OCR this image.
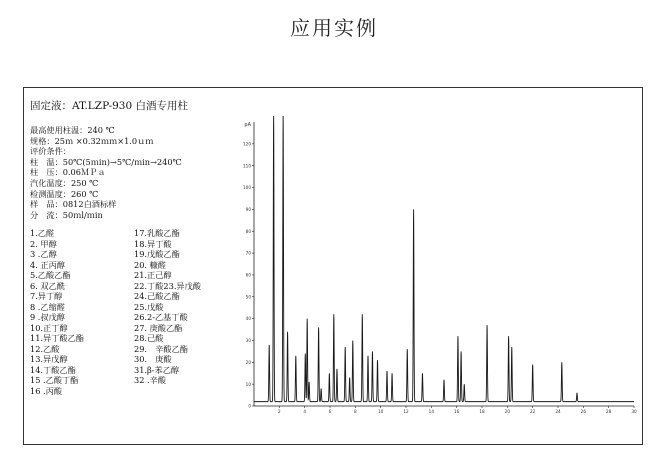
应用实例
固定液：AT.LZP-930 白酒专用柱
最高使用柱温：240 ℃
规格：25ｍ ×0.32ｍｍ×1.0ｕｍ
评价条件：
柱　温：50℃(5ｍin)→5℃/ｍin→240℃
柱　压：0.06ＭＰａ
汽化温度：250 ℃
检测温度：260 ℃
样　品：0812白酒标样
分　流：50ｍl/ｍin
1.乙醛	17.乳酸乙酯
2. 甲醇	18.异丁酸
3 .乙醇	19.戊酸乙酯
4. 正丙醇	20. 糠醛
5.乙酸乙酯	21.正己醇
6. 双乙酰	22.丁酸23.异戊酸
7.异丁醇	24.己酸乙酯
8 .乙缩醛	25.戊酸
9 .叔戊醇	26.2-乙基丁酸
10.正丁醇	27. 庚酸乙酯
11.异丁酸乙酯	28.己酸
12.乙酸	29.　辛酸乙酯
13.异戊醇	30.　庚酸
14.丁酸乙酯	31.β-苯乙醇
15 .乙酸丁酯	32 .辛酸
16 .丙酸
pA
0
10
20
30
40
50
60
70
80
90
100
110
120
2	4	6	8	10	12	14	16	18	20	22	24	26	28	30
